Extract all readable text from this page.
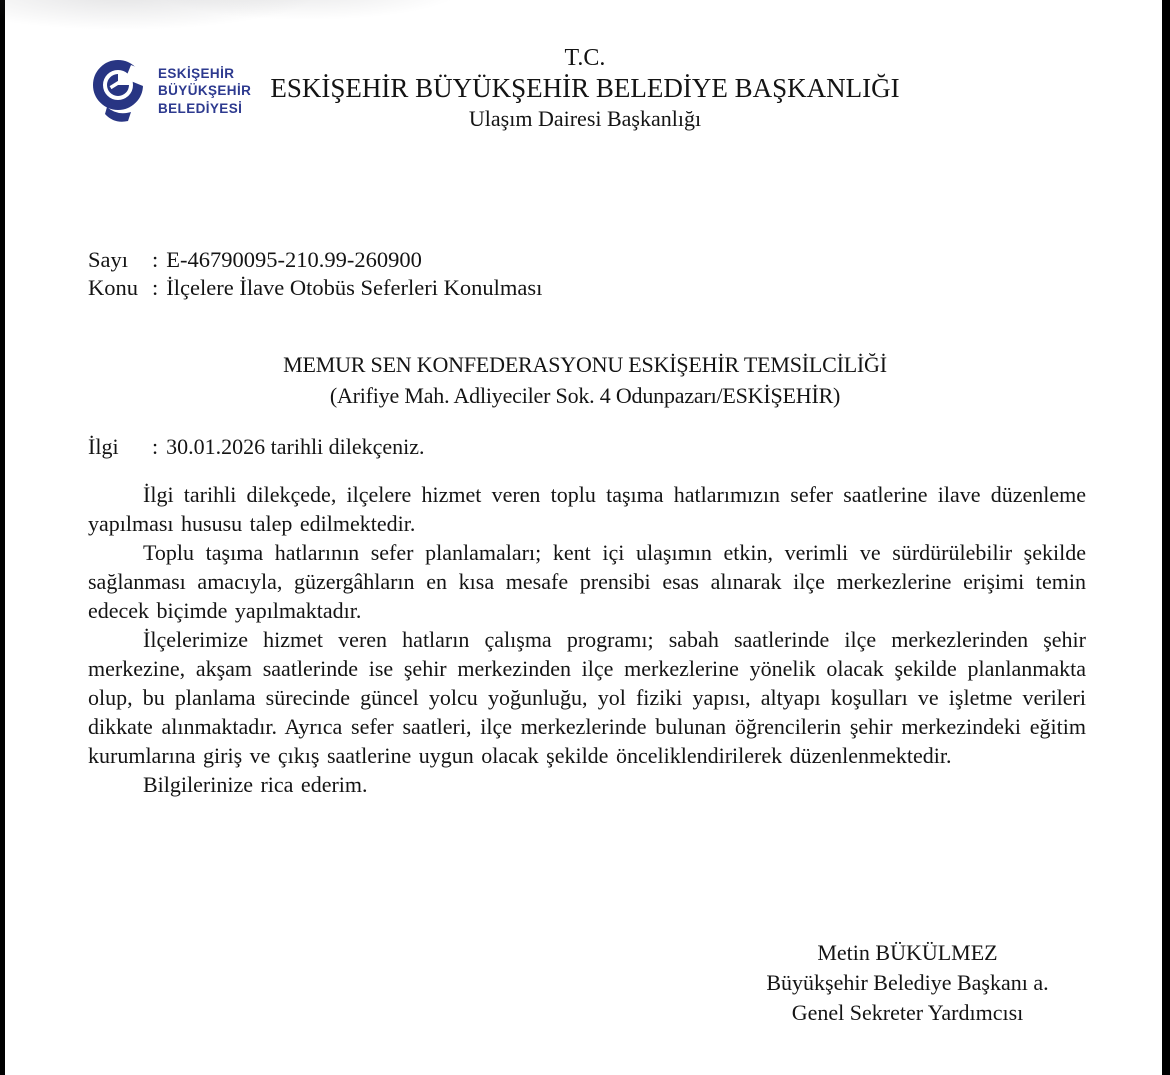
ESKİŞEHİR
BÜYÜKŞEHİR
BELEDİYESİ
T.C.
ESKİŞEHİR BÜYÜKŞEHİR BELEDİYE BAŞKANLIĞI
Ulaşım Dairesi Başkanlığı
Sayı : E-46790095-210.99-260900
Konu : İlçelere İlave Otobüs Seferleri Konulması
MEMUR SEN KONFEDERASYONU ESKİŞEHİR TEMSİLCİLİĞİ
(Arifiye Mah. Adliyeciler Sok. 4 Odunpazarı/ESKİŞEHİR)
İlgi : 30.01.2026 tarihli dilekçeniz.

İlgi tarihli dilekçede, ilçelere hizmet veren toplu taşıma hatlarımızın sefer saatlerine ilave düzenleme yapılması hususu talep edilmektedir.

Toplu taşıma hatlarının sefer planlamaları; kent içi ulaşımın etkin, verimli ve sürdürülebilir şekilde sağlanması amacıyla, güzergâhların en kısa mesafe prensibi esas alınarak ilçe merkezlerine erişimi temin edecek biçimde yapılmaktadır.

İlçelerimize hizmet veren hatların çalışma programı; sabah saatlerinde ilçe merkezlerinden şehir merkezine, akşam saatlerinde ise şehir merkezinden ilçe merkezlerine yönelik olacak şekilde planlanmakta olup, bu planlama sürecinde güncel yolcu yoğunluğu, yol fiziki yapısı, altyapı koşulları ve işletme verileri dikkate alınmaktadır. Ayrıca sefer saatleri, ilçe merkezlerinde bulunan öğrencilerin şehir merkezindeki eğitim kurumlarına giriş ve çıkış saatlerine uygun olacak şekilde önceliklendirilerek düzenlenmektedir.

Bilgilerinize rica ederim.

Metin BÜKÜLMEZ
Büyükşehir Belediye Başkanı a.
Genel Sekreter Yardımcısı
